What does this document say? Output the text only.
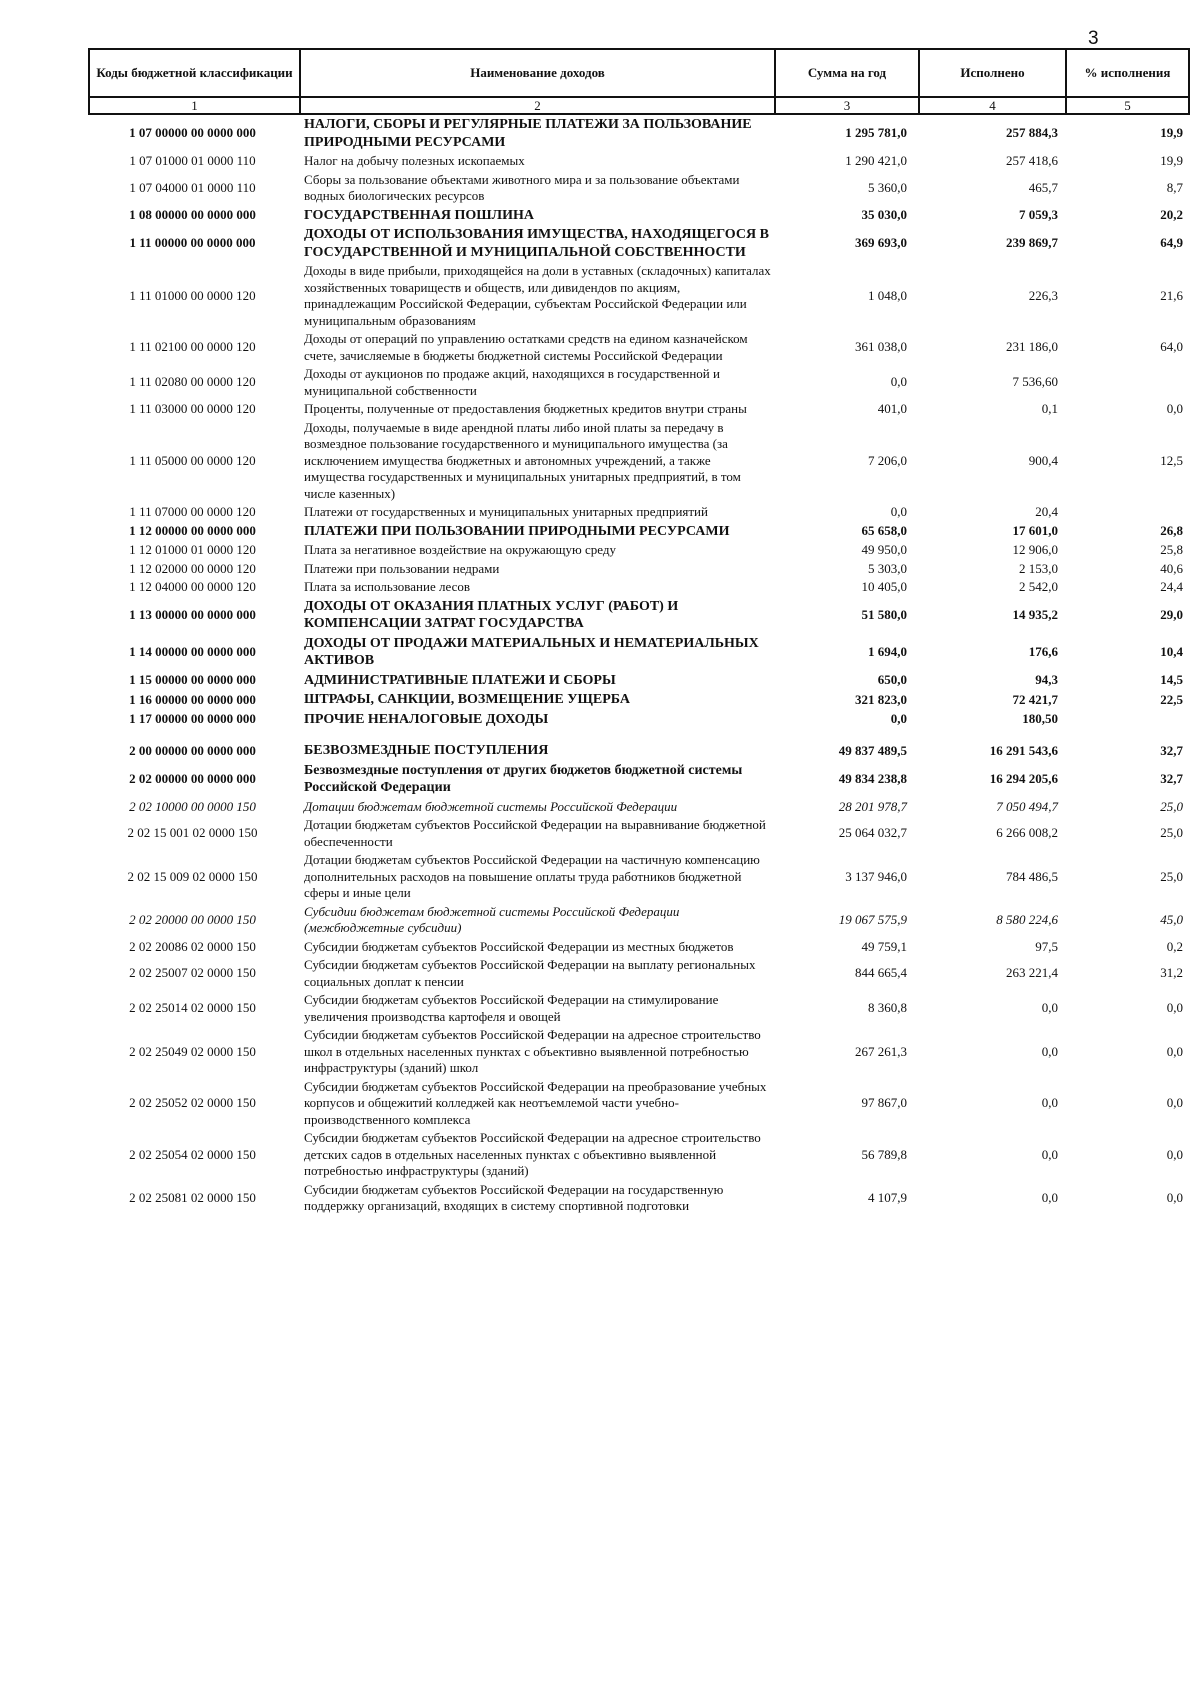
3
Коды бюджетной классификации	Наименование доходов	Сумма на год	Исполнено	% исполнения
1	2	3	4	5
1 07 00000 00 0000 000	НАЛОГИ, СБОРЫ И РЕГУЛЯРНЫЕ ПЛАТЕЖИ ЗА ПОЛЬЗОВАНИЕ ПРИРОДНЫМИ РЕСУРСАМИ	1 295 781,0	257 884,3	19,9
1 07 01000 01 0000 110	Налог на добычу полезных ископаемых	1 290 421,0	257 418,6	19,9
1 07 04000 01 0000 110	Сборы за пользование объектами животного мира и за пользование объектами водных биологических ресурсов	5 360,0	465,7	8,7
1 08 00000 00 0000 000	ГОСУДАРСТВЕННАЯ ПОШЛИНА	35 030,0	7 059,3	20,2
1 11 00000 00 0000 000	ДОХОДЫ ОТ ИСПОЛЬЗОВАНИЯ ИМУЩЕСТВА, НАХОДЯЩЕГОСЯ В ГОСУДАРСТВЕННОЙ И МУНИЦИПАЛЬНОЙ СОБСТВЕННОСТИ	369 693,0	239 869,7	64,9
1 11 01000 00 0000 120	Доходы в виде прибыли, приходящейся на доли в уставных (складочных) капиталах хозяйственных товариществ и обществ, или дивидендов по акциям, принадлежащим Российской Федерации, субъектам Российской Федерации или муниципальным образованиям	1 048,0	226,3	21,6
1 11 02100 00 0000 120	Доходы от операций по управлению остатками средств на едином казначейском счете, зачисляемые в бюджеты бюджетной системы Российской Федерации	361 038,0	231 186,0	64,0
1 11 02080 00 0000 120	Доходы от аукционов по продаже акций, находящихся в государственной и муниципальной собственности	0,0	7 536,60	
1 11 03000 00 0000 120	Проценты, полученные от предоставления бюджетных кредитов внутри страны	401,0	0,1	0,0
1 11 05000 00 0000 120	Доходы, получаемые в виде арендной платы либо иной платы за передачу в возмездное пользование государственного и муниципального имущества (за исключением имущества бюджетных и автономных учреждений, а также имущества государственных и муниципальных унитарных предприятий, в том числе казенных)	7 206,0	900,4	12,5
1 11 07000 00 0000 120	Платежи от государственных и муниципальных унитарных предприятий	0,0	20,4	
1 12 00000 00 0000 000	ПЛАТЕЖИ ПРИ ПОЛЬЗОВАНИИ ПРИРОДНЫМИ РЕСУРСАМИ	65 658,0	17 601,0	26,8
1 12 01000 01 0000 120	Плата за негативное воздействие на окружающую среду	49 950,0	12 906,0	25,8
1 12 02000 00 0000 120	Платежи при пользовании недрами	5 303,0	2 153,0	40,6
1 12 04000 00 0000 120	Плата за использование лесов	10 405,0	2 542,0	24,4
1 13 00000 00 0000 000	ДОХОДЫ ОТ ОКАЗАНИЯ ПЛАТНЫХ УСЛУГ (РАБОТ) И КОМПЕНСАЦИИ ЗАТРАТ ГОСУДАРСТВА	51 580,0	14 935,2	29,0
1 14 00000 00 0000 000	ДОХОДЫ ОТ ПРОДАЖИ МАТЕРИАЛЬНЫХ И НЕМАТЕРИАЛЬНЫХ АКТИВОВ	1 694,0	176,6	10,4
1 15 00000 00 0000 000	АДМИНИСТРАТИВНЫЕ ПЛАТЕЖИ И СБОРЫ	650,0	94,3	14,5
1 16 00000 00 0000 000	ШТРАФЫ, САНКЦИИ, ВОЗМЕЩЕНИЕ УЩЕРБА	321 823,0	72 421,7	22,5
1 17 00000 00 0000 000	ПРОЧИЕ НЕНАЛОГОВЫЕ ДОХОДЫ	0,0	180,50	

2 00 00000 00 0000 000	БЕЗВОЗМЕЗДНЫЕ ПОСТУПЛЕНИЯ	49 837 489,5	16 291 543,6	32,7
2 02 00000 00 0000 000	Безвозмездные поступления от других бюджетов бюджетной системы Российской Федерации	49 834 238,8	16 294 205,6	32,7
2 02 10000 00 0000 150	Дотации бюджетам бюджетной системы Российской Федерации	28 201 978,7	7 050 494,7	25,0
2 02 15 001 02 0000 150	Дотации бюджетам субъектов Российской Федерации на выравнивание бюджетной обеспеченности	25 064 032,7	6 266 008,2	25,0
2 02 15 009 02 0000 150	Дотации бюджетам субъектов Российской Федерации на частичную компенсацию дополнительных расходов на повышение оплаты труда работников бюджетной сферы и иные цели	3 137 946,0	784 486,5	25,0
2 02 20000 00 0000 150	Субсидии бюджетам бюджетной системы Российской Федерации (межбюджетные субсидии)	19 067 575,9	8 580 224,6	45,0
2 02 20086 02 0000 150	Субсидии бюджетам субъектов Российской Федерации из местных бюджетов	49 759,1	97,5	0,2
2 02 25007 02 0000 150	Субсидии бюджетам субъектов Российской Федерации на выплату региональных социальных доплат к пенсии	844 665,4	263 221,4	31,2
2 02 25014 02 0000 150	Субсидии бюджетам субъектов Российской Федерации на стимулирование увеличения производства картофеля и овощей	8 360,8	0,0	0,0
2 02 25049 02 0000 150	Субсидии бюджетам субъектов Российской Федерации на адресное строительство школ в отдельных населенных пунктах с объективно выявленной потребностью инфраструктуры (зданий) школ	267 261,3	0,0	0,0
2 02 25052 02 0000 150	Субсидии бюджетам субъектов Российской Федерации на преобразование учебных корпусов и общежитий колледжей как неотъемлемой части учебно-производственного комплекса	97 867,0	0,0	0,0
2 02 25054 02 0000 150	Субсидии бюджетам субъектов Российской Федерации на адресное строительство детских садов в отдельных населенных пунктах с объективно выявленной потребностью инфраструктуры (зданий)	56 789,8	0,0	0,0
2 02 25081 02 0000 150	Субсидии бюджетам субъектов Российской Федерации на государственную поддержку организаций, входящих в систему спортивной подготовки	4 107,9	0,0	0,0
